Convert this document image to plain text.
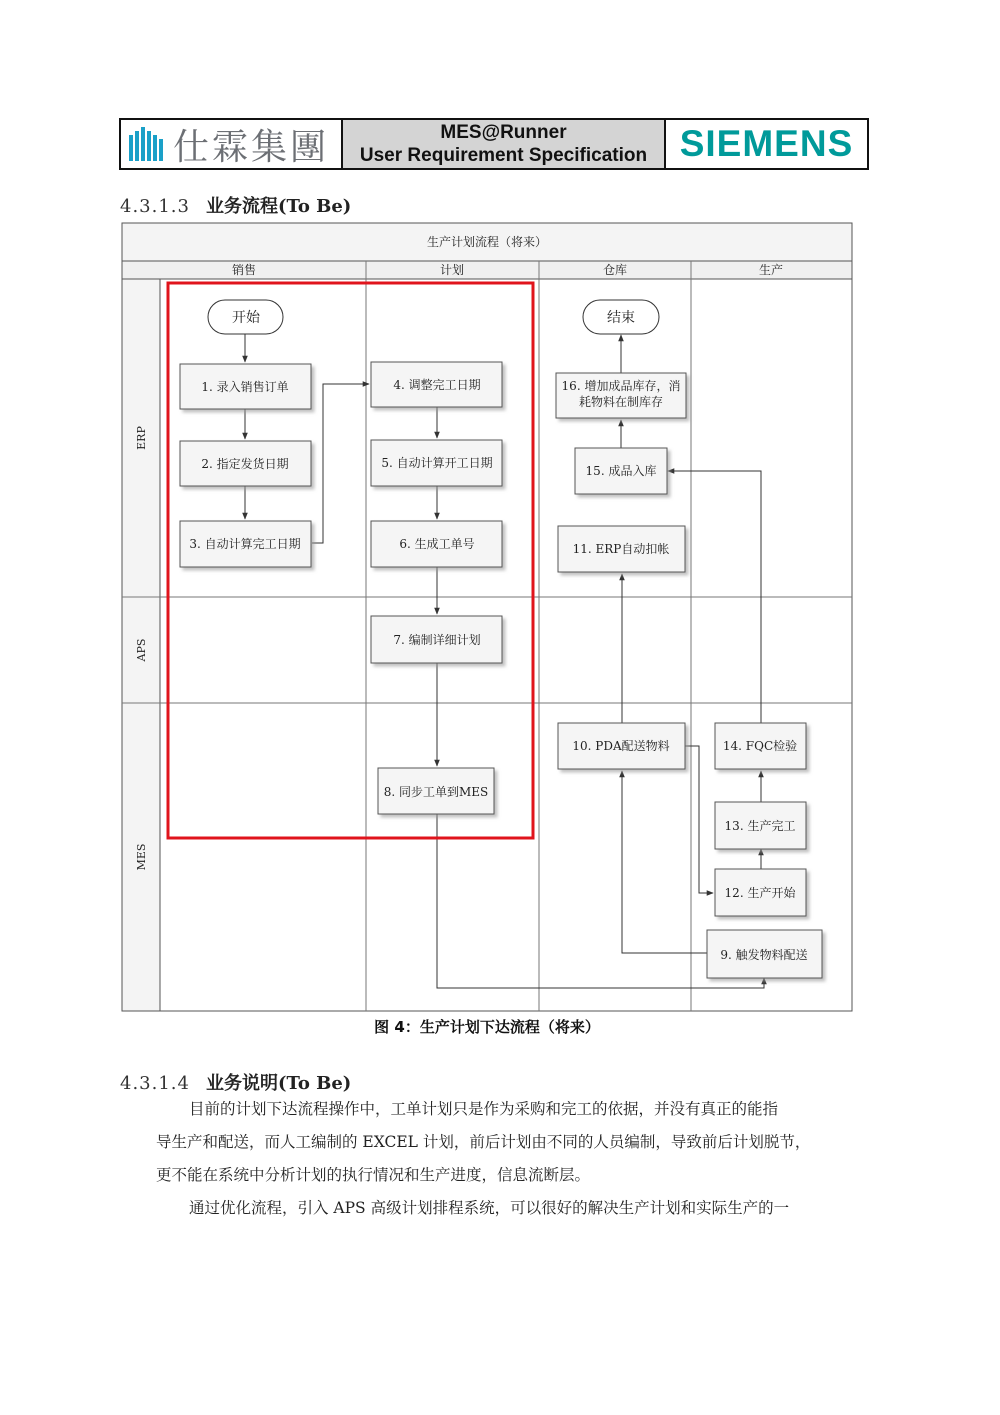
仕霖集團	MES@Runner
User Requirement Specification SIEMENS
4.3.1.3 业务流程(To Be)
生产计划流程（将来）
销售	计划	仓库	生产
ERP
APS
MES
开始	结束
1. 录入销售订单
2. 指定发货日期
3. 自动计算完工日期
4. 调整完工日期
5. 自动计算开工日期
6. 生成工单号
7. 编制详细计划
8. 同步工单到MES
9. 触发物料配送
10. PDA配送物料
11. ERP自动扣帐
12. 生产开始
13. 生产完工
14. FQC检验
15. 成品入库
16. 增加成品库存，消
耗物料在制库存
图 4：生产计划下达流程（将来）
4.3.1.4 业务说明(To Be)
目前的计划下达流程操作中，工单计划只是作为采购和完工的依据，并没有真正的能指
导生产和配送，而人工编制的 EXCEL 计划，前后计划由不同的人员编制，导致前后计划脱节，
更不能在系统中分析计划的执行情况和生产进度，信息流断层。
通过优化流程，引入 APS 高级计划排程系统，可以很好的解决生产计划和实际生产的一
